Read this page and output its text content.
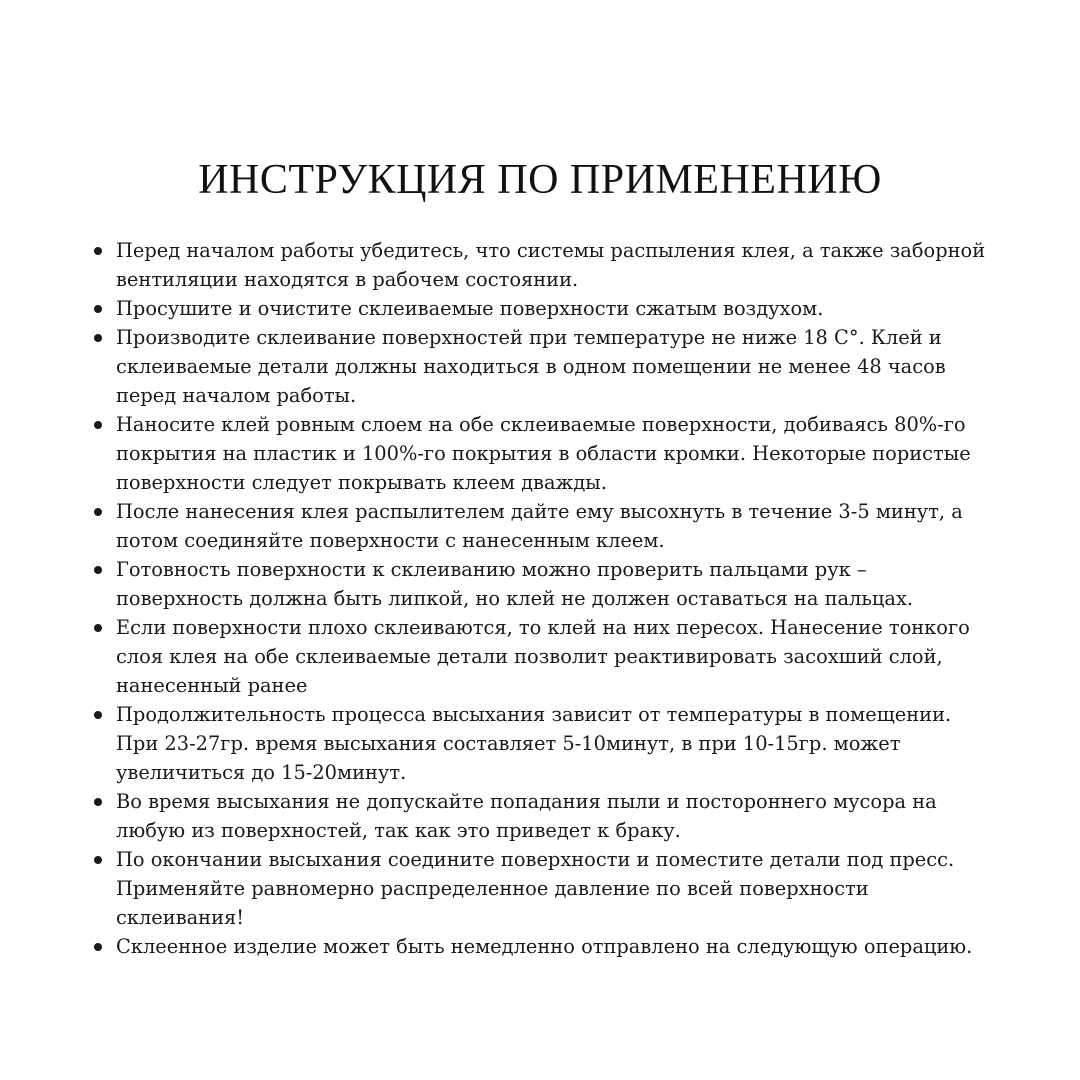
ИНСТРУКЦИЯ ПО ПРИМЕНЕНИЮ
Перед началом работы убедитесь, что системы распыления клея, а также заборной
вентиляции находятся в рабочем состоянии.
Просушите и очистите склеиваемые поверхности сжатым воздухом.
Производите склеивание поверхностей при температуре не ниже 18 С°. Клей и
склеиваемые детали должны находиться в одном помещении не менее 48 часов
перед началом работы.
Наносите клей ровным слоем на обе склеиваемые поверхности, добиваясь 80%-го
покрытия на пластик и 100%-го покрытия в области кромки. Некоторые пористые
поверхности следует покрывать клеем дважды.
После нанесения клея распылителем дайте ему высохнуть в течение 3-5 минут, а
потом соединяйте поверхности с нанесенным клеем.
Готовность поверхности к склеиванию можно проверить пальцами рук –
поверхность должна быть липкой, но клей не должен оставаться на пальцах.
Если поверхности плохо склеиваются, то клей на них пересох. Нанесение тонкого
слоя клея на обе склеиваемые детали позволит реактивировать засохший слой,
нанесенный ранее
Продолжительность процесса высыхания зависит от температуры в помещении.
При 23-27гр. время высыхания составляет 5-10минут, в при 10-15гр. может
увеличиться до 15-20минут.
Во время высыхания не допускайте попадания пыли и постороннего мусора на
любую из поверхностей, так как это приведет к браку.
По окончании высыхания соедините поверхности и поместите детали под пресс.
Применяйте равномерно распределенное давление по всей поверхности
склеивания!
Склеенное изделие может быть немедленно отправлено на следующую операцию.
